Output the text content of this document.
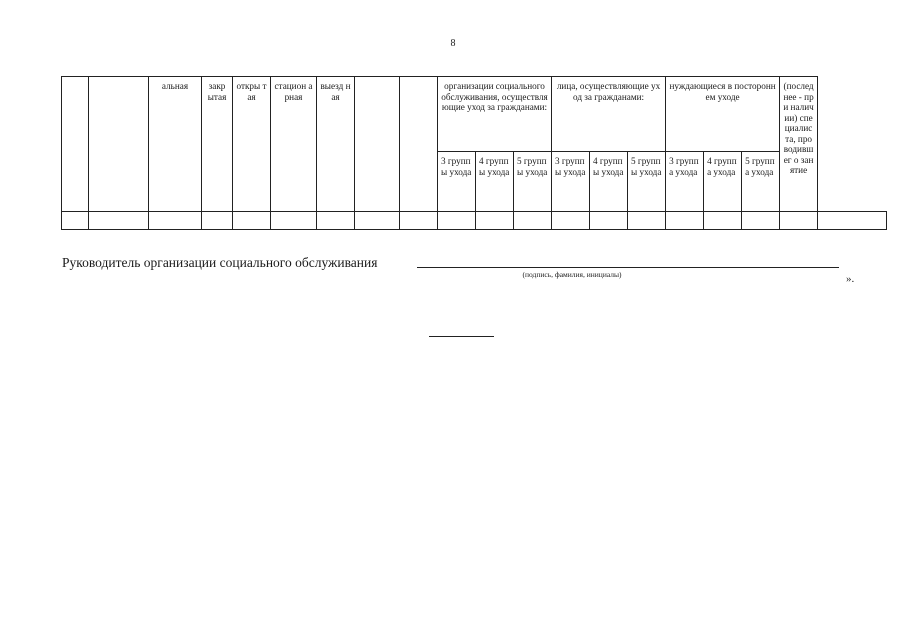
8
		альная	закр ытая	откры тая	стацион арная	выезд ная			организации социального обслуживания, осуществляющие уход за гражданами:			лица, осуществляющие уход за гражданами:			нуждающиеся в постороннем уходе			(последнее - при наличии) специалиста, проводившег о занятие	
									3 групп ы ухода	4 групп ы ухода	5 групп ы ухода	3 групп ы ухода	4 групп ы ухода	5 групп ы ухода	3 группа ухода	4 группа ухода	5 группа ухода		

Руководитель организации социального обслуживания
(подпись, фамилия, инициалы)	».
